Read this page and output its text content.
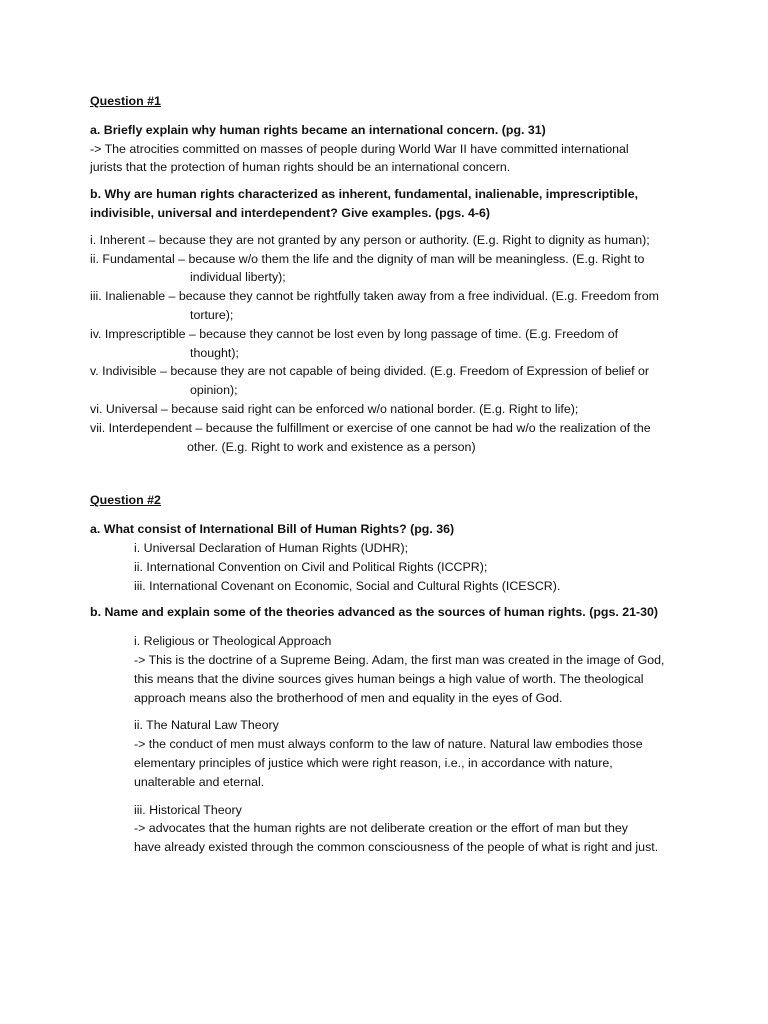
Question #1

a. Briefly explain why human rights became an international concern. (pg. 31)
-> The atrocities committed on masses of people during World War II have committed international
jurists that the protection of human rights should be an international concern.
b. Why are human rights characterized as inherent, fundamental, inalienable, imprescriptible,
indivisible, universal and interdependent? Give examples. (pgs. 4-6)
i. Inherent – because they are not granted by any person or authority. (E.g. Right to dignity as human);
ii. Fundamental – because w/o them the life and the dignity of man will be meaningless. (E.g. Right to
individual liberty);
iii. Inalienable – because they cannot be rightfully taken away from a free individual. (E.g. Freedom from
torture);
iv. Imprescriptible – because they cannot be lost even by long passage of time. (E.g. Freedom of
thought);
v. Indivisible – because they are not capable of being divided. (E.g. Freedom of Expression of belief or
opinion);
vi. Universal – because said right can be enforced w/o national border. (E.g. Right to life);
vii. Interdependent – because the fulfillment or exercise of one cannot be had w/o the realization of the
other. (E.g. Right to work and existence as a person)

Question #2

a. What consist of International Bill of Human Rights? (pg. 36)
i. Universal Declaration of Human Rights (UDHR);
ii. International Convention on Civil and Political Rights (ICCPR);
iii. International Covenant on Economic, Social and Cultural Rights (ICESCR).
b. Name and explain some of the theories advanced as the sources of human rights. (pgs. 21-30)
i. Religious or Theological Approach
-> This is the doctrine of a Supreme Being. Adam, the first man was created in the image of God,
this means that the divine sources gives human beings a high value of worth. The theological
approach means also the brotherhood of men and equality in the eyes of God.
ii. The Natural Law Theory
-> the conduct of men must always conform to the law of nature. Natural law embodies those
elementary principles of justice which were right reason, i.e., in accordance with nature,
unalterable and eternal.
iii. Historical Theory
-> advocates that the human rights are not deliberate creation or the effort of man but they
have already existed through the common consciousness of the people of what is right and just.
